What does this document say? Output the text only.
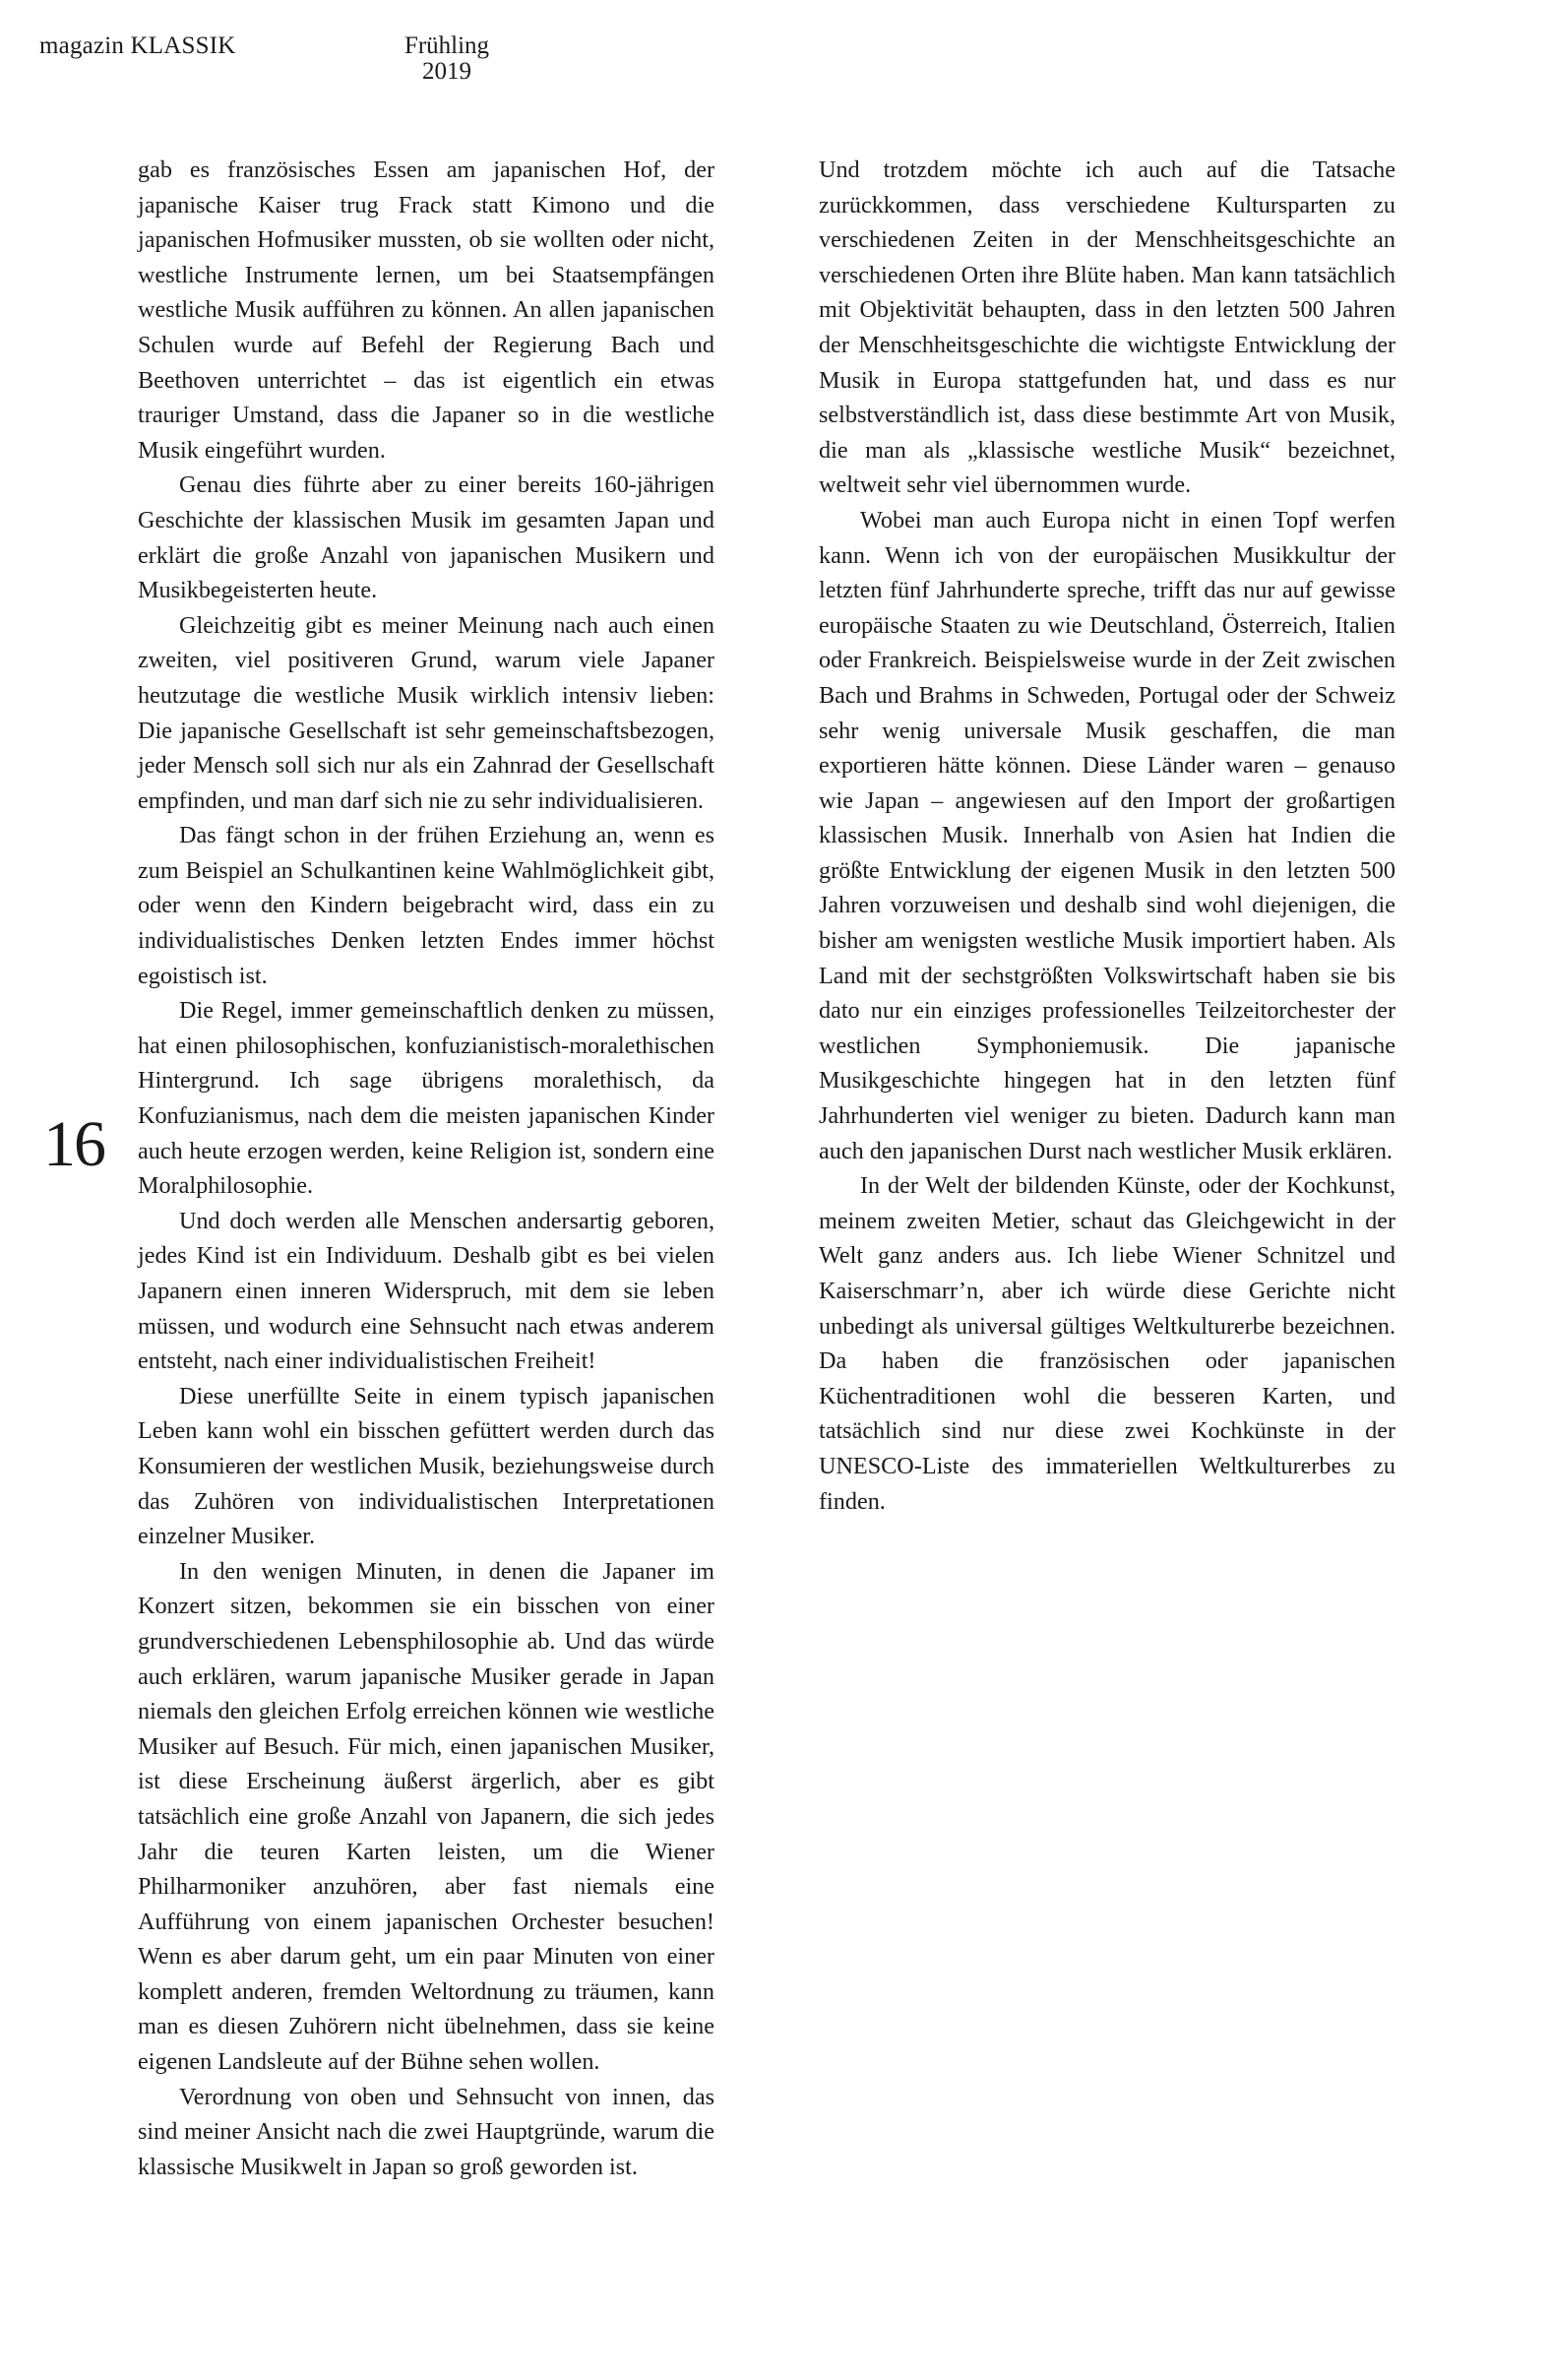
magazin KLASSIK	Frühling
2019
16

gab es französisches Essen am japanischen Hof, der japanische Kaiser trug Frack statt Kimono und die japanischen Hofmusiker mussten, ob sie wollten oder nicht, westliche Instrumente lernen, um bei Staatsempfängen westliche Musik aufführen zu können. An allen japanischen Schulen wurde auf Befehl der Regierung Bach und Beethoven unterrichtet – das ist eigentlich ein etwas trauriger Umstand, dass die Japaner so in die westliche Musik eingeführt wurden.

Genau dies führte aber zu einer bereits 160-jährigen Geschichte der klassischen Musik im gesamten Japan und erklärt die große Anzahl von japanischen Musikern und Musikbegeisterten heute.

Gleichzeitig gibt es meiner Meinung nach auch einen zweiten, viel positiveren Grund, warum viele Japaner heutzutage die westliche Musik wirklich intensiv lieben: Die japanische Gesellschaft ist sehr gemeinschaftsbezogen, jeder Mensch soll sich nur als ein Zahnrad der Gesellschaft empfinden, und man darf sich nie zu sehr individualisieren.

Das fängt schon in der frühen Erziehung an, wenn es zum Beispiel an Schulkantinen keine Wahlmöglichkeit gibt, oder wenn den Kindern beigebracht wird, dass ein zu individualistisches Denken letzten Endes immer höchst egoistisch ist.

Die Regel, immer gemeinschaftlich denken zu müssen, hat einen philosophischen, konfuzianistisch-moralethischen Hintergrund. Ich sage übrigens moralethisch, da Konfuzianismus, nach dem die meisten japanischen Kinder auch heute erzogen werden, keine Religion ist, sondern eine Moralphilosophie.

Und doch werden alle Menschen andersartig geboren, jedes Kind ist ein Individuum. Deshalb gibt es bei vielen Japanern einen inneren Widerspruch, mit dem sie leben müssen, und wodurch eine Sehnsucht nach etwas anderem entsteht, nach einer individualistischen Freiheit!

Diese unerfüllte Seite in einem typisch japanischen Leben kann wohl ein bisschen gefüttert werden durch das Konsumieren der westlichen Musik, beziehungsweise durch das Zuhören von individualistischen Interpretationen einzelner Musiker.

In den wenigen Minuten, in denen die Japaner im Konzert sitzen, bekommen sie ein bisschen von einer grundverschiedenen Lebensphilosophie ab. Und das würde auch erklären, warum japanische Musiker gerade in Japan niemals den gleichen Erfolg erreichen können wie westliche Musiker auf Besuch. Für mich, einen japanischen Musiker, ist diese Erscheinung äußerst ärgerlich, aber es gibt tatsächlich eine große Anzahl von Japanern, die sich jedes Jahr die teuren Karten leisten, um die Wiener Philharmoniker anzuhören, aber fast niemals eine Aufführung von einem japanischen Orchester besuchen! Wenn es aber darum geht, um ein paar Minuten von einer komplett anderen, fremden Weltordnung zu träumen, kann man es diesen Zuhörern nicht übelnehmen, dass sie keine eigenen Landsleute auf der Bühne sehen wollen.

Verordnung von oben und Sehnsucht von innen, das sind meiner Ansicht nach die zwei Hauptgründe, warum die klassische Musikwelt in Japan so groß geworden ist.

Und trotzdem möchte ich auch auf die Tatsache zurückkommen, dass verschiedene Kultursparten zu verschiedenen Zeiten in der Menschheitsgeschichte an verschiedenen Orten ihre Blüte haben. Man kann tatsächlich mit Objektivität behaupten, dass in den letzten 500 Jahren der Menschheitsgeschichte die wichtigste Entwicklung der Musik in Europa stattgefunden hat, und dass es nur selbstverständlich ist, dass diese bestimmte Art von Musik, die man als „klassische westliche Musik“ bezeichnet, weltweit sehr viel übernommen wurde.

Wobei man auch Europa nicht in einen Topf werfen kann. Wenn ich von der europäischen Musikkultur der letzten fünf Jahrhunderte spreche, trifft das nur auf gewisse europäische Staaten zu wie Deutschland, Österreich, Italien oder Frankreich. Beispielsweise wurde in der Zeit zwischen Bach und Brahms in Schweden, Portugal oder der Schweiz sehr wenig universale Musik geschaffen, die man exportieren hätte können. Diese Länder waren – genauso wie Japan – angewiesen auf den Import der großartigen klassischen Musik. Innerhalb von Asien hat Indien die größte Entwicklung der eigenen Musik in den letzten 500 Jahren vorzuweisen und deshalb sind wohl diejenigen, die bisher am wenigsten westliche Musik importiert haben. Als Land mit der sechstgrößten Volkswirtschaft haben sie bis dato nur ein einziges professionelles Teilzeitorchester der westlichen Symphoniemusik. Die japanische Musikgeschichte hingegen hat in den letzten fünf Jahrhunderten viel weniger zu bieten. Dadurch kann man auch den japanischen Durst nach westlicher Musik erklären.

In der Welt der bildenden Künste, oder der Kochkunst, meinem zweiten Metier, schaut das Gleichgewicht in der Welt ganz anders aus. Ich liebe Wiener Schnitzel und Kaiserschmarr’n, aber ich würde diese Gerichte nicht unbedingt als universal gültiges Weltkulturerbe bezeichnen. Da haben die französischen oder japanischen Küchentraditionen wohl die besseren Karten, und tatsächlich sind nur diese zwei Kochkünste in der UNESCO-Liste des immateriellen Weltkulturerbes zu finden.
